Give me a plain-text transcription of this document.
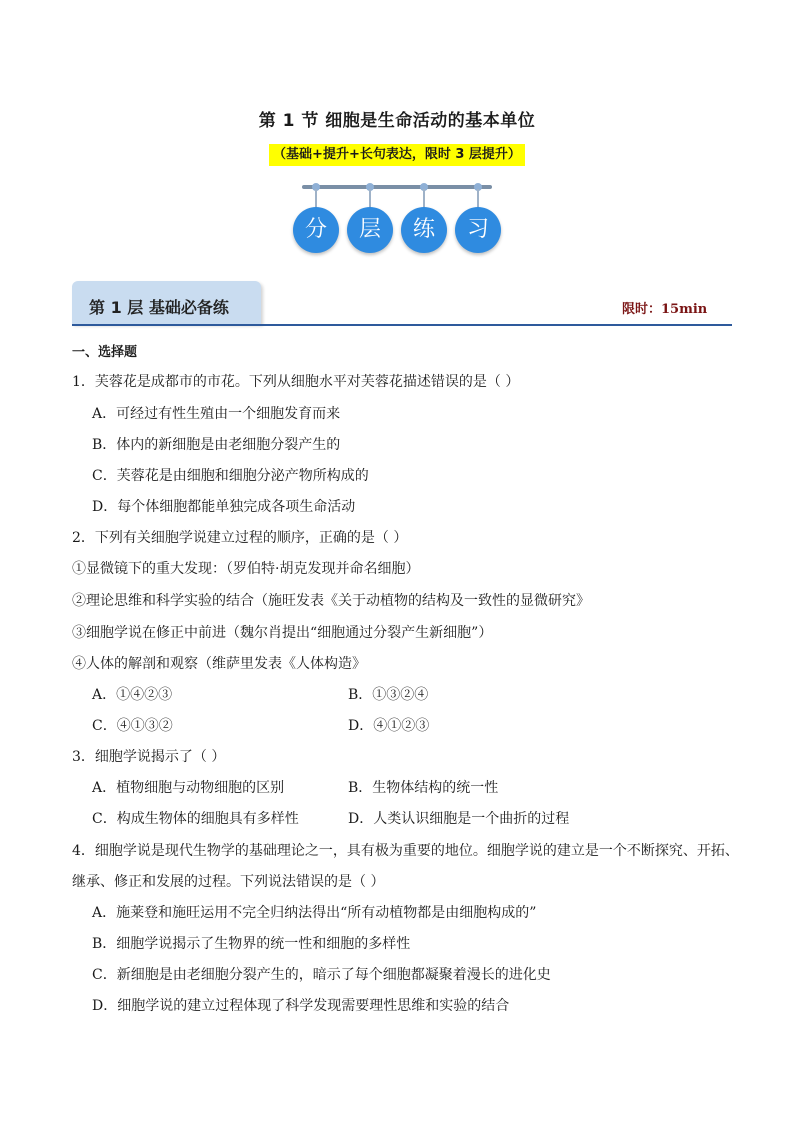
第 1 节 细胞是生命活动的基本单位
（基础+提升+长句表达，限时 3 层提升）
分	层	练	习
第 1 层 基础必备练	限时：15min
一、选择题
1．芙蓉花是成都市的市花。下列从细胞水平对芙蓉花描述错误的是（ ）
A．可经过有性生殖由一个细胞发育而来
B．体内的新细胞是由老细胞分裂产生的
C．芙蓉花是由细胞和细胞分泌产物所构成的
D．每个体细胞都能单独完成各项生命活动
2．下列有关细胞学说建立过程的顺序，正确的是（ ）
①显微镜下的重大发现：（罗伯特·胡克发现并命名细胞）
②理论思维和科学实验的结合（施旺发表《关于动植物的结构及一致性的显微研究》
③细胞学说在修正中前进（魏尔肖提出“细胞通过分裂产生新细胞”）
④人体的解剖和观察（维萨里发表《人体构造》
A．①④②③	B．①③②④
C．④①③②	D．④①②③
3．细胞学说揭示了（ ）
A．植物细胞与动物细胞的区别	B．生物体结构的统一性
C．构成生物体的细胞具有多样性	D．人类认识细胞是一个曲折的过程
4．细胞学说是现代生物学的基础理论之一，具有极为重要的地位。细胞学说的建立是一个不断探究、开拓、
继承、修正和发展的过程。下列说法错误的是（ ）
A．施莱登和施旺运用不完全归纳法得出“所有动植物都是由细胞构成的”
B．细胞学说揭示了生物界的统一性和细胞的多样性
C．新细胞是由老细胞分裂产生的，暗示了每个细胞都凝聚着漫长的进化史
D．细胞学说的建立过程体现了科学发现需要理性思维和实验的结合
